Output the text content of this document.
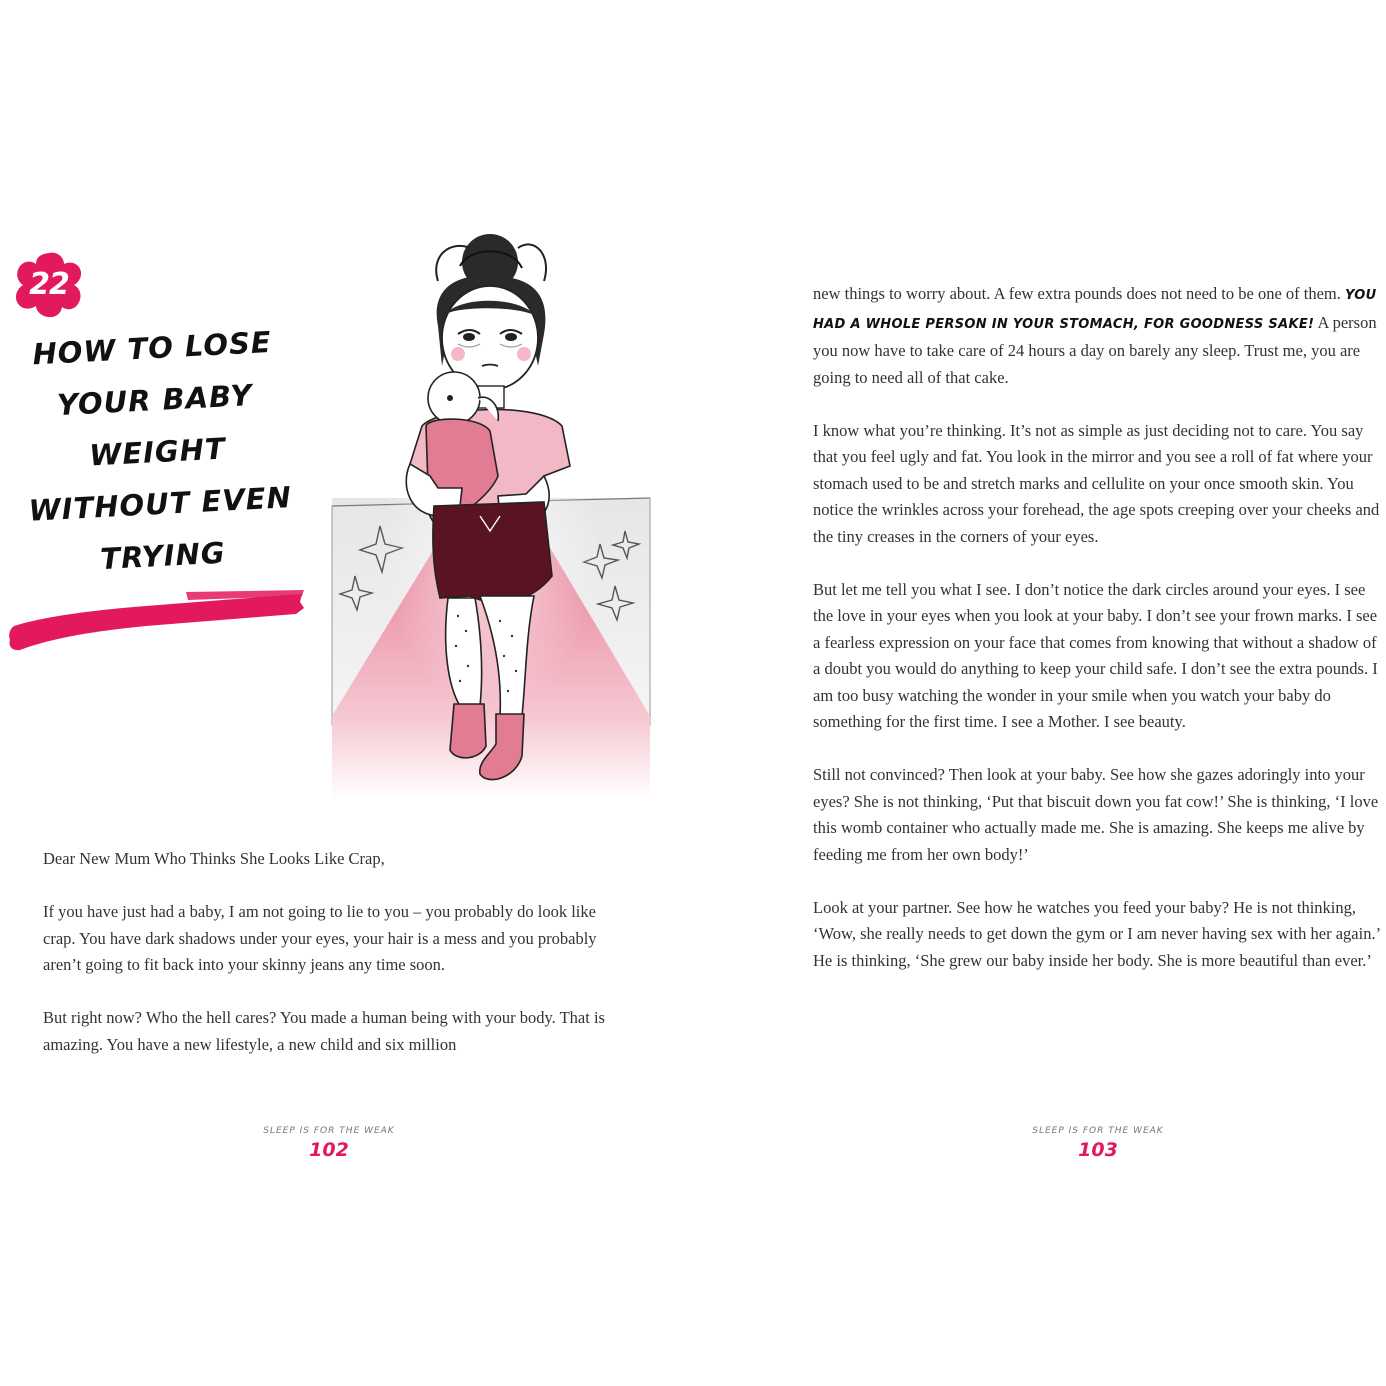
22
HOW TO LOSE
YOUR BABY
WEIGHT
WITHOUT EVEN
TRYING

Dear New Mum Who Thinks She Looks Like Crap,

If you have just had a baby, I am not going to lie to you – you probably do look like crap. You have dark shadows under your eyes, your hair is a mess and you probably aren’t going to fit back into your skinny jeans any time soon.

But right now? Who the hell cares? You made a human being with your body. That is amazing. You have a new lifestyle, a new child and six million

SLEEP IS FOR THE WEAK
102

new things to worry about. A few extra pounds does not need to be one of them. YOU HAD A WHOLE PERSON IN YOUR STOMACH, FOR GOODNESS SAKE! A person you now have to take care of 24 hours a day on barely any sleep. Trust me, you are going to need all of that cake.

I know what you’re thinking. It’s not as simple as just deciding not to care. You say that you feel ugly and fat. You look in the mirror and you see a roll of fat where your stomach used to be and stretch marks and cellulite on your once smooth skin. You notice the wrinkles across your forehead, the age spots creeping over your cheeks and the tiny creases in the corners of your eyes.

But let me tell you what I see. I don’t notice the dark circles around your eyes. I see the love in your eyes when you look at your baby. I don’t see your frown marks. I see a fearless expression on your face that comes from knowing that without a shadow of a doubt you would do anything to keep your child safe. I don’t see the extra pounds. I am too busy watching the wonder in your smile when you watch your baby do something for the first time. I see a Mother. I see beauty.

Still not convinced? Then look at your baby. See how she gazes adoringly into your eyes? She is not thinking, ‘Put that biscuit down you fat cow!’ She is thinking, ‘I love this womb container who actually made me. She is amazing. She keeps me alive by feeding me from her own body!’

Look at your partner. See how he watches you feed your baby? He is not thinking, ‘Wow, she really needs to get down the gym or I am never having sex with her again.’ He is thinking, ‘She grew our baby inside her body. She is more beautiful than ever.’

SLEEP IS FOR THE WEAK
103
